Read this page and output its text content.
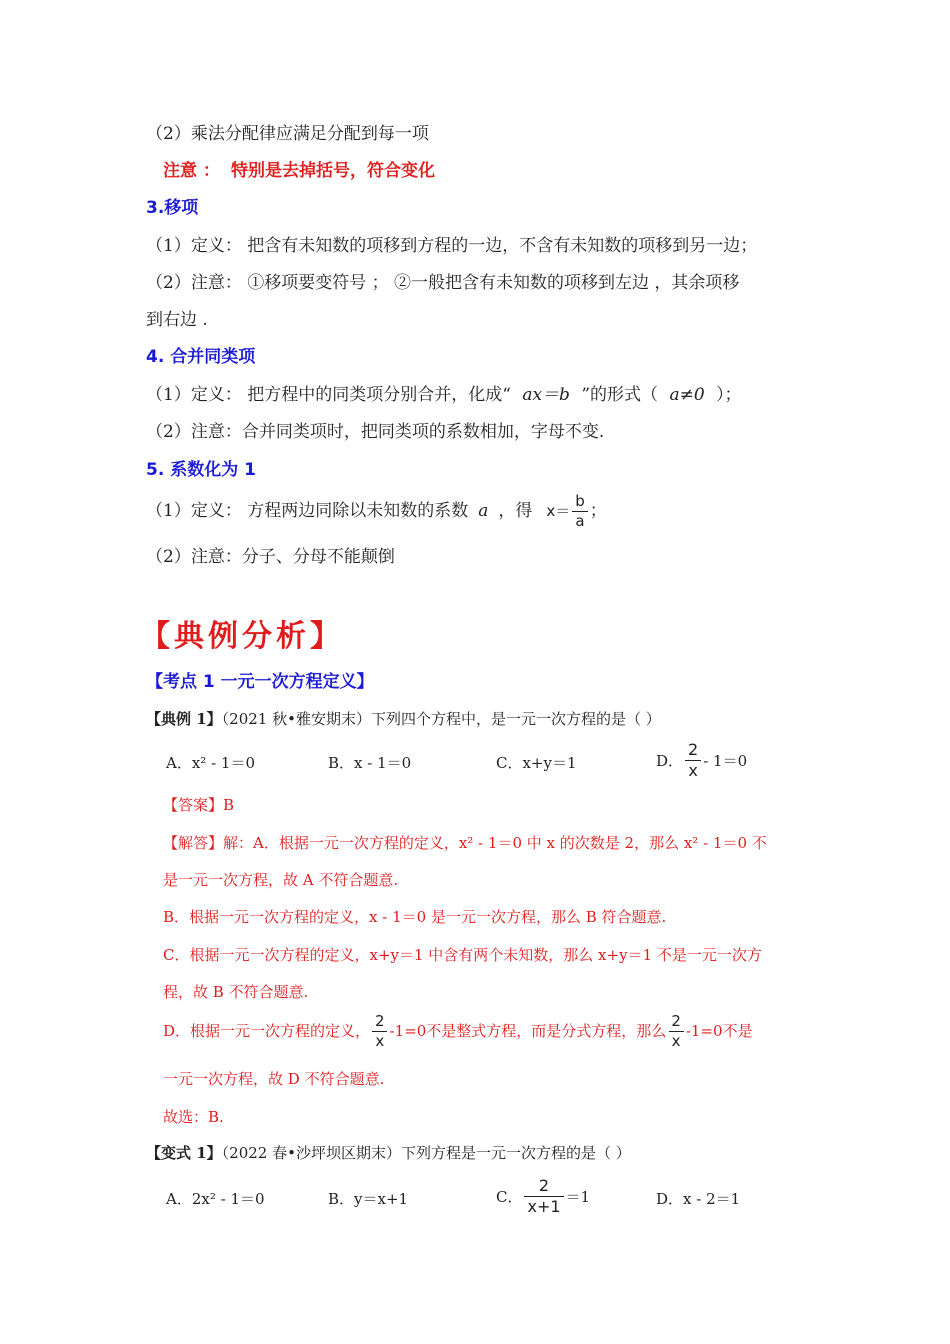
（2）乘法分配律应满足分配到每一项
注意 ： 特别是去掉括号，符合变化
3.移项
（1）定义： 把含有未知数的项移到方程的一边，不含有未知数的项移到另一边；
（2）注意： ①移项要变符号 ； ②一般把含有未知数的项移到左边 ，其余项移
到右边 .
4. 合并同类项
（1）定义： 把方程中的同类项分别合并，化成“ ax＝b ”的形式（ a≠0 ）；
（2）注意：合并同类项时，把同类项的系数相加，字母不变.
5. 系数化为 1
（1）定义： 方程两边同除以未知数的系数 a ，得 $x= \frac{b}{a}$ ；
（2）注意：分子、分母不能颠倒
【典例分析】
【考点 1 一元一次方程定义】
【典例 1】（2021 秋•雅安期末）下列四个方程中，是一元一次方程的是（ ）
A．x² - 1＝0	B．x - 1＝0	C．x+y＝1	D． $\frac{2}{x} - 1=0$
【答案】B
【解答】解：A．根据一元一次方程的定义，x² - 1＝0 中 x 的次数是 2，那么 x² - 1＝0 不
是一元一次方程，故 A 不符合题意.
B．根据一元一次方程的定义，x - 1＝0 是一元一次方程，那么 B 符合题意.
C．根据一元一次方程的定义，x+y＝1 中含有两个未知数，那么 x+y＝1 不是一元一次方
程，故 B 不符合题意.
D．根据一元一次方程的定义， $\frac{2}{x} -1=0$不是整式方程，而是分式方程，那么 $\frac{2}{x} -1=0$不是
一元一次方程，故 D 不符合题意.
故选：B.
【变式 1】（2022 春•沙坪坝区期末）下列方程是一元一次方程的是（ ）
A．2x² - 1＝0	B．y＝x+1	C． $\frac{2}{x+1} =1$	D．x - 2＝1
